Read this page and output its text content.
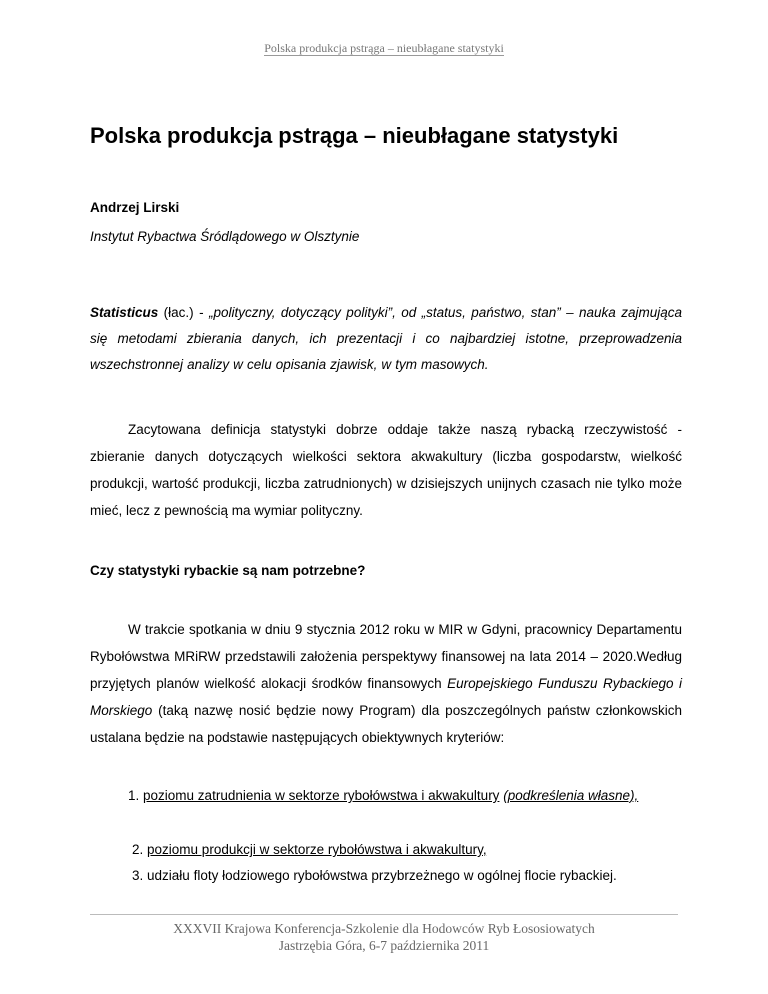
Polska produkcja pstrąga – nieubłagane statystyki
Polska produkcja pstrąga – nieubłagane statystyki
Andrzej Lirski
Instytut Rybactwa Śródlądowego w Olsztynie
Statisticus (łac.) - „polityczny, dotyczący polityki”, od „status, państwo, stan” – nauka zajmująca się metodami zbierania danych, ich prezentacji i co najbardziej istotne, przeprowadzenia wszechstronnej analizy w celu opisania zjawisk, w tym masowych.
Zacytowana definicja statystyki dobrze oddaje także naszą rybacką rzeczywistość - zbieranie danych dotyczących wielkości sektora akwakultury (liczba gospodarstw, wielkość produkcji, wartość produkcji, liczba zatrudnionych) w dzisiejszych unijnych czasach nie tylko może mieć, lecz z pewnością ma wymiar polityczny.
Czy statystyki rybackie są nam potrzebne?
W trakcie spotkania w dniu 9 stycznia 2012 roku w MIR w Gdyni, pracownicy Departamentu Rybołówstwa MRiRW przedstawili założenia perspektywy finansowej na lata 2014 – 2020.Według przyjętych planów wielkość alokacji środków finansowych Europejskiego Funduszu Rybackiego i Morskiego (taką nazwę nosić będzie nowy Program) dla poszczególnych państw członkowskich ustalana będzie na podstawie następujących obiektywnych kryteriów:
1. poziomu zatrudnienia w sektorze rybołówstwa i akwakultury (podkreślenia własne),
2. poziomu produkcji w sektorze rybołówstwa i akwakultury,
3. udziału floty łodziowego rybołówstwa przybrzeżnego w ogólnej flocie rybackiej.
XXXVII Krajowa Konferencja-Szkolenie dla Hodowców Ryb Łososiowatych
Jastrzębia Góra, 6-7 października 2011
